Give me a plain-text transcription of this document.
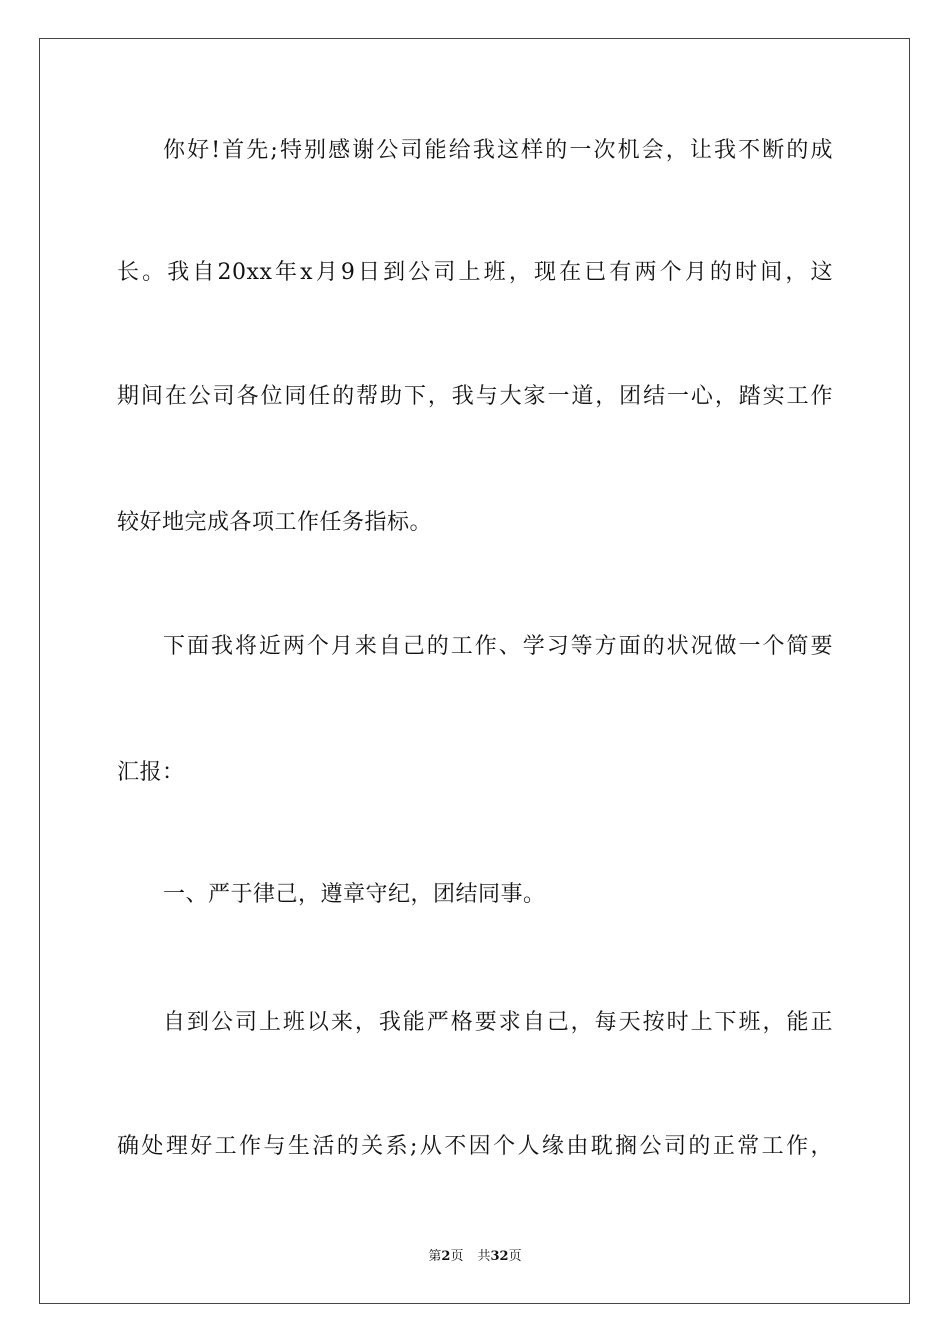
你好!首先;特别感谢公司能给我这样的一次机会，让我不断的成
长。我自20xx年x月9日到公司上班，现在已有两个月的时间，这
期间在公司各位同任的帮助下，我与大家一道，团结一心，踏实工作
较好地完成各项工作任务指标。
下面我将近两个月来自己的工作、学习等方面的状况做一个简要
汇报：
一、严于律己，遵章守纪，团结同事。
自到公司上班以来，我能严格要求自己，每天按时上下班，能正
确处理好工作与生活的关系;从不因个人缘由耽搁公司的正常工作，
第2页 共32页
